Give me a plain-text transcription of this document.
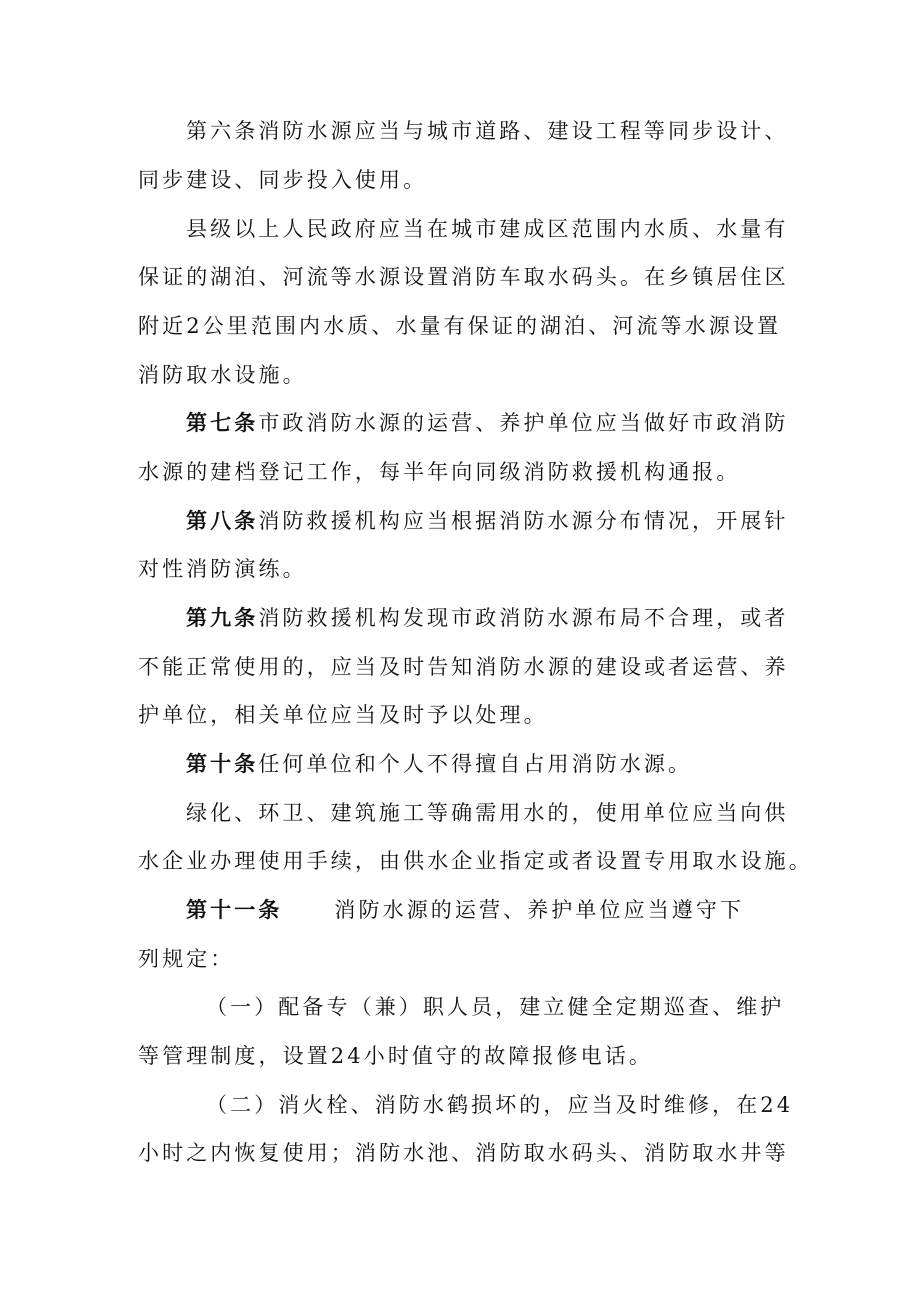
第六条消防水源应当与城市道路、建设工程等同步设计、
同步建设、同步投入使用。
县级以上人民政府应当在城市建成区范围内水质、水量有
保证的湖泊、河流等水源设置消防车取水码头。在乡镇居住区
附近2公里范围内水质、水量有保证的湖泊、河流等水源设置
消防取水设施。
第七条市政消防水源的运营、养护单位应当做好市政消防
水源的建档登记工作，每半年向同级消防救援机构通报。
第八条消防救援机构应当根据消防水源分布情况，开展针
对性消防演练。
第九条消防救援机构发现市政消防水源布局不合理，或者
不能正常使用的，应当及时告知消防水源的建设或者运营、养
护单位，相关单位应当及时予以处理。
第十条任何单位和个人不得擅自占用消防水源。
绿化、环卫、建筑施工等确需用水的，使用单位应当向供
水企业办理使用手续，由供水企业指定或者设置专用取水设施。
第十一条 消防水源的运营、养护单位应当遵守下
列规定：
（一）配备专（兼）职人员，建立健全定期巡查、维护
等管理制度，设置24小时值守的故障报修电话。
（二）消火栓、消防水鹤损坏的，应当及时维修，在24
小时之内恢复使用；消防水池、消防取水码头、消防取水井等
